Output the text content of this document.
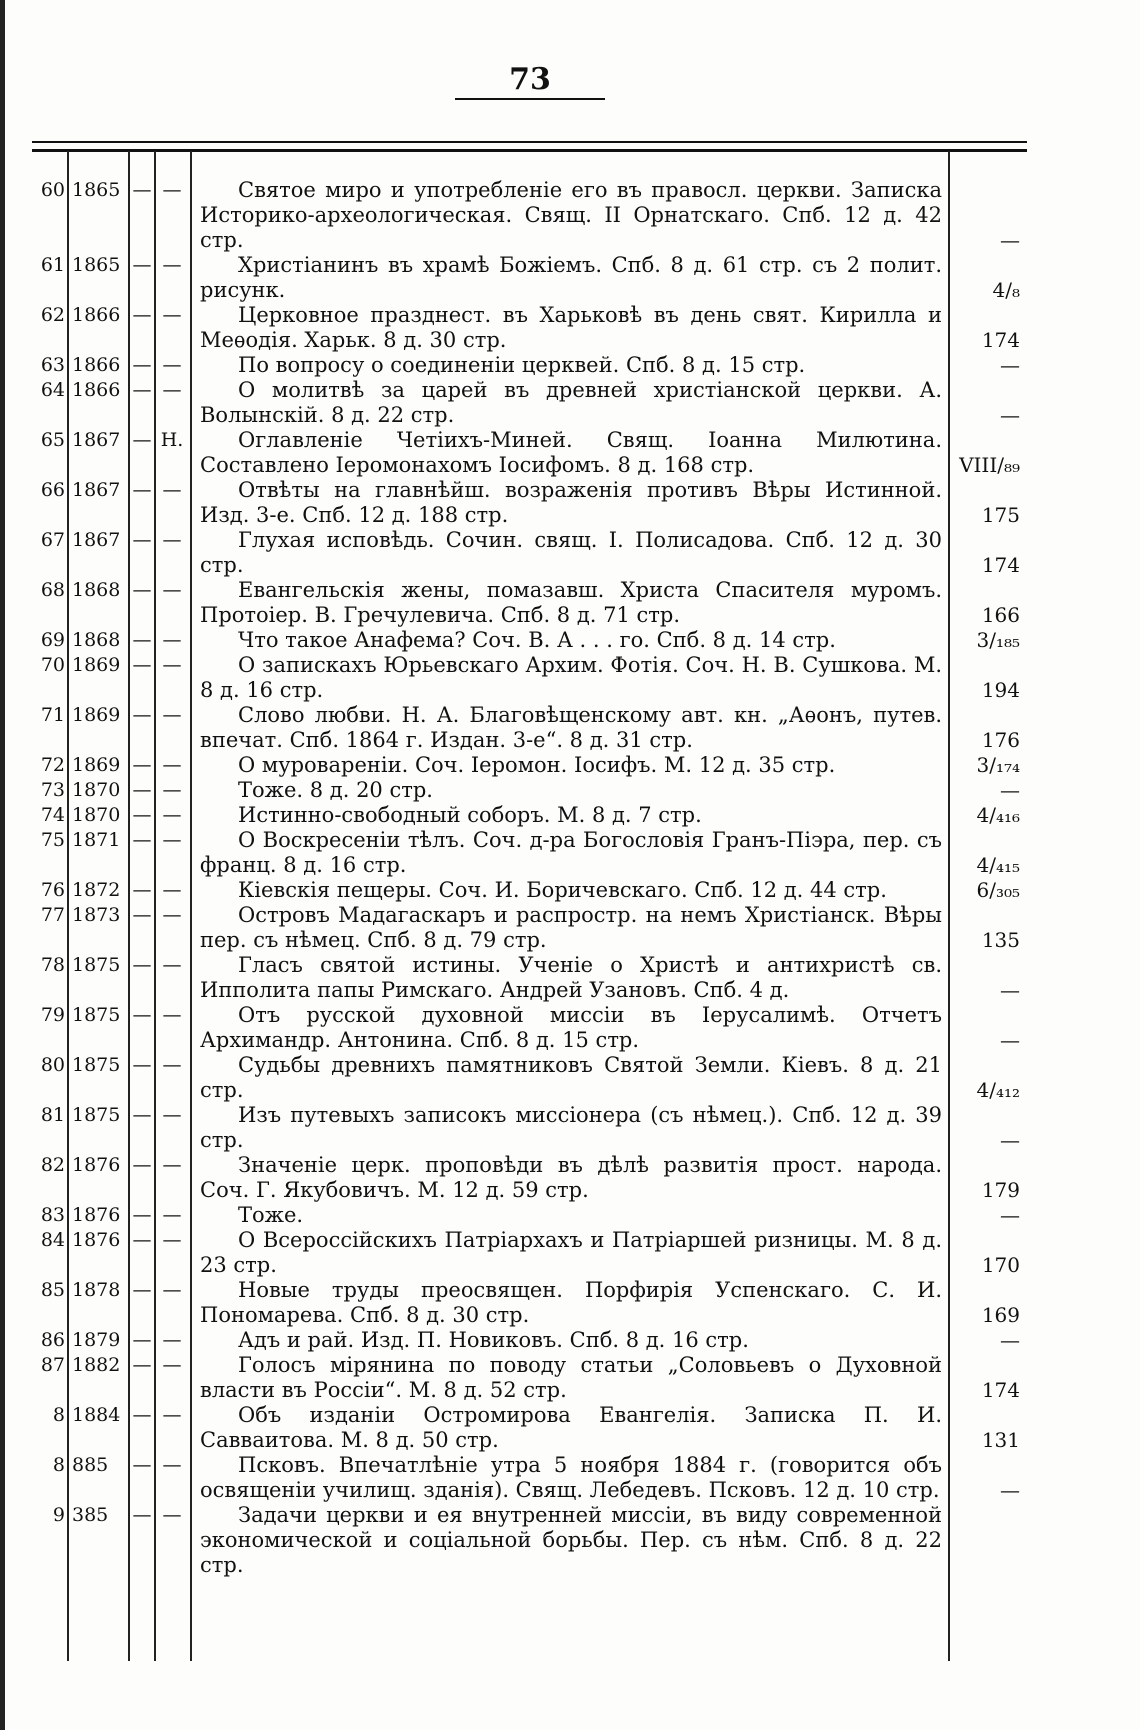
73
60 1865 — —	Святое миро и употребленіе его въ правосл. церкви. Записка Историко-археологическая. Свящ. II Орнатскаго. Спб. 12 д. 42 стр.	—
61 1865 — —	Христіанинъ въ храмѣ Божіемъ. Спб. 8 д. 61 стр. съ 2 полит. рисунк.	4/₈
62 1866 — —	Церковное празднест. въ Харьковѣ въ день свят. Кирилла и Меѳодія. Харьк. 8 д. 30 стр.	174
63 1866 — —	По вопросу о соединеніи церквей. Спб. 8 д. 15 стр.	—
64 1866 — —	О молитвѣ за царей въ древней христіанской церкви. А. Волынскій. 8 д. 22 стр.	—
65 1867 — Н.	Оглавленіе Четіихъ-Миней. Свящ. Іоанна Милютина. Составлено Іеромонахомъ Іосифомъ. 8 д. 168 стр.	VIII/₈₉
66 1867 — —	Отвѣты на главнѣйш. возраженія противъ Вѣры Истинной. Изд. 3-е. Спб. 12 д. 188 стр.	175
67 1867 — —	Глухая исповѣдь. Сочин. свящ. І. Полисадова. Спб. 12 д. 30 стр.	174
68 1868 — —	Евангельскія жены, помазавш. Христа Спасителя муромъ. Протоіер. В. Гречулевича. Спб. 8 д. 71 стр.	166
69 1868 — —	Что такое Анафема? Соч. В. А . . . го. Спб. 8 д. 14 стр.	3/₁₈₅
70 1869 — —	О запискахъ Юрьевскаго Архим. Фотія. Соч. Н. В. Сушкова. М. 8 д. 16 стр.	194
71 1869 — —	Слово любви. Н. А. Благовѣщенскому авт. кн. „Аѳонъ, путев. впечат. Спб. 1864 г. Издан. 3-е“. 8 д. 31 стр.	176
72 1869 — —	О муровареніи. Соч. Іеромон. Іосифъ. М. 12 д. 35 стр.	3/₁₇₄
73 1870 — —	Тоже. 8 д. 20 стр.	—
74 1870 — —	Истинно-свободный соборъ. М. 8 д. 7 стр.	4/₄₁₆
75 1871 — —	О Воскресеніи тѣлъ. Соч. д-ра Богословія Гранъ-Піэра, пер. съ франц. 8 д. 16 стр.	4/₄₁₅
76 1872 — —	Кіевскія пещеры. Соч. И. Боричевскаго. Спб. 12 д. 44 стр.	6/₃₀₅
77 1873 — —	Островъ Мадагаскаръ и распростр. на немъ Христіанск. Вѣры пер. съ нѣмец. Спб. 8 д. 79 стр.	135
78 1875 — —	Гласъ святой истины. Ученіе о Христѣ и антихристѣ св. Ипполита папы Римскаго. Андрей Узановъ. Спб. 4 д.	—
79 1875 — —	Отъ русской духовной миссіи въ Іерусалимѣ. Отчетъ Архимандр. Антонина. Спб. 8 д. 15 стр.	—
80 1875 — —	Судьбы древнихъ памятниковъ Святой Земли. Кіевъ. 8 д. 21 стр.	4/₄₁₂
81 1875 — —	Изъ путевыхъ записокъ миссіонера (съ нѣмец.). Спб. 12 д. 39 стр.	—
82 1876 — —	Значеніе церк. проповѣди въ дѣлѣ развитія прост. народа. Соч. Г. Якубовичъ. М. 12 д. 59 стр.	179
83 1876 — —	Тоже.	—
84 1876 — —	О Всероссійскихъ Патріархахъ и Патріаршей ризницы. М. 8 д. 23 стр.	170
85 1878 — —	Новые труды преосвящен. Порфирія Успенскаго. С. И. Пономарева. Спб. 8 д. 30 стр.	169
86 1879 — —	Адъ и рай. Изд. П. Новиковъ. Спб. 8 д. 16 стр.	—
87 1882 — —	Голосъ мірянина по поводу статьи „Соловьевъ о Духовной власти въ Россіи“. М. 8 д. 52 стр.	174
8 1884 — —	Объ изданіи Остромирова Евангелія. Записка П. И. Савваитова. М. 8 д. 50 стр.	131
8 885	— —	Псковъ. Впечатлѣніе утра 5 ноября 1884 г. (говорится объ освященіи училищ. зданія). Свящ. Лебедевъ. Псковъ. 12 д. 10 стр.	—
9 385	— —	Задачи церкви и ея внутренней миссіи, въ виду современной экономической и соціальной борьбы. Пер. съ нѣм. Спб. 8 д. 22 стр.
